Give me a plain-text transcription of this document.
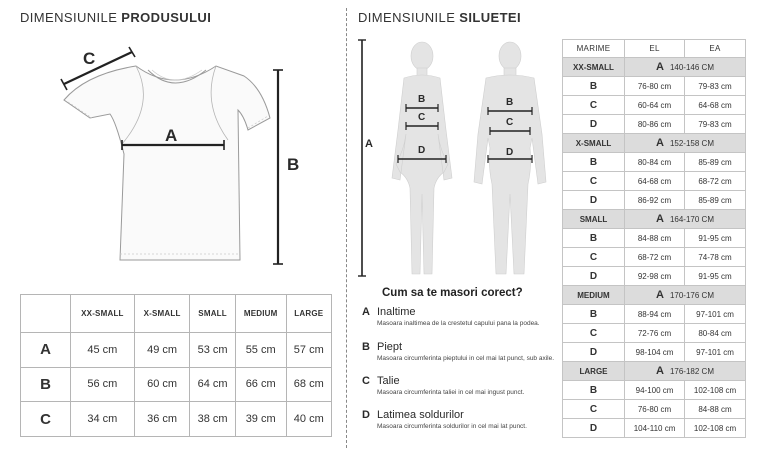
DIMENSIUNILE PRODUSULUI	DIMENSIUNILE SILUETEI
C
A
B
	XX-SMALL	X-SMALL	SMALL	MEDIUM	LARGE
A	45 cm	49 cm	53 cm	55 cm	57 cm
B	56 cm	60 cm	64 cm	66 cm	68 cm
C	34 cm	36 cm	38 cm	39 cm	40 cm
A
B
C
D
B
C
D
Cum sa te masori corect?
A Inaltime
Masoara inaltimea de la crestetul capului pana la podea.
B Piept
Masoara circumferinta pieptului in cel mai lat punct, sub axile.
C Talie
Masoara circumferinta taliei in cel mai ingust punct.
D Latimea soldurilor
Masoara circumferinta soldurilor in cel mai lat punct.
MARIME	EL	EA
XX-SMALL	A 140-146 CM	
B	76-80 cm	79-83 cm
C	60-64 cm	64-68 cm
D	80-86 cm	79-83 cm
X-SMALL	A 152-158 CM	
B	80-84 cm	85-89 cm
C	64-68 cm	68-72 cm
D	86-92 cm	85-89 cm
SMALL	A 164-170 CM	
B	84-88 cm	91-95 cm
C	68-72 cm	74-78 cm
D	92-98 cm	91-95 cm
MEDIUM	A 170-176 CM	
B	88-94 cm	97-101 cm
C	72-76 cm	80-84 cm
D	98-104 cm	97-101 cm
LARGE	A 176-182 CM	
B	94-100 cm	102-108 cm
C	76-80 cm	84-88 cm
D	104-110 cm	102-108 cm
